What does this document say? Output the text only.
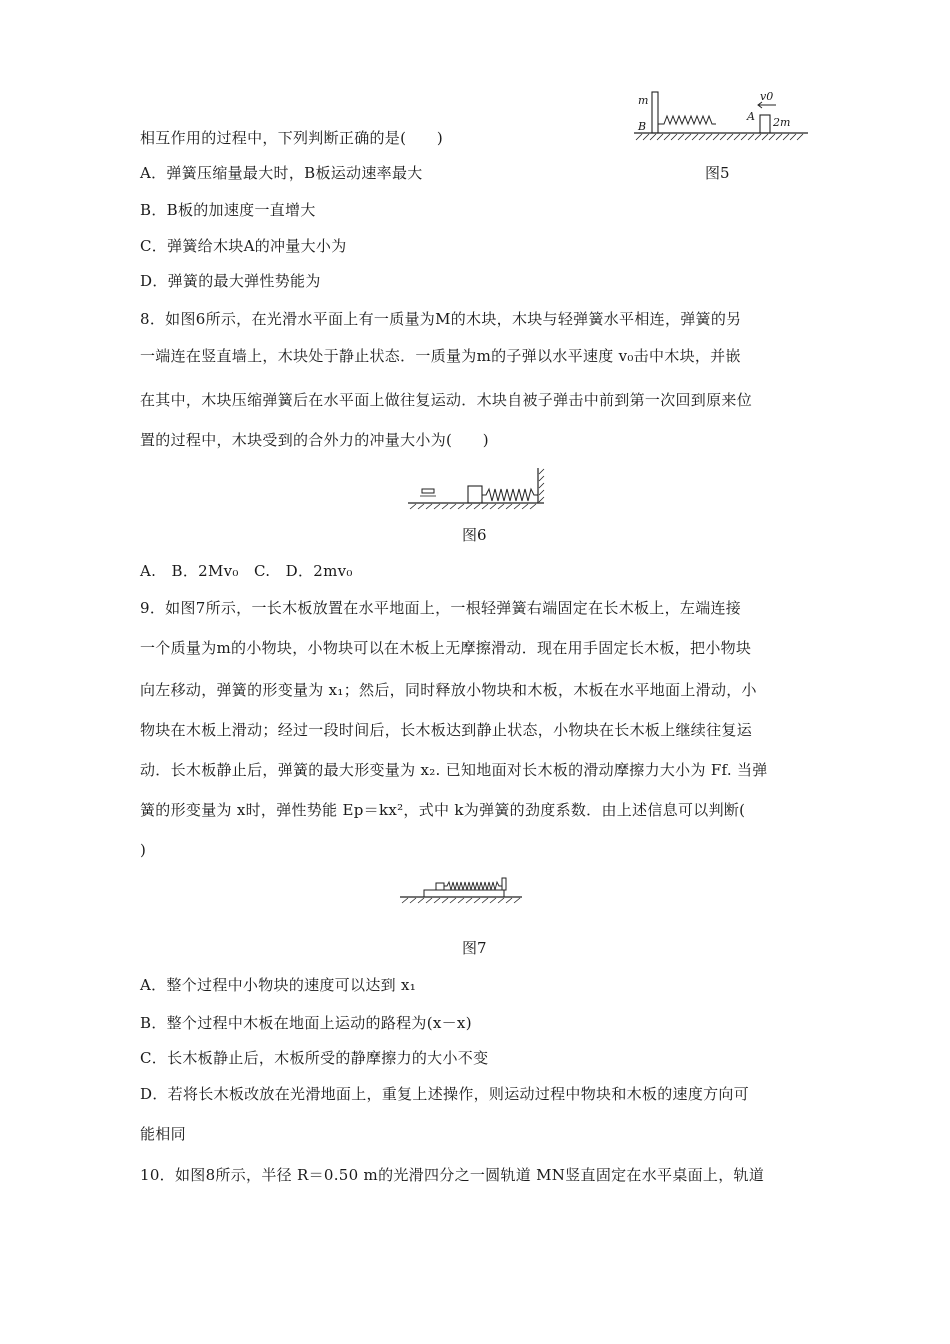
m
B
A 2m
v0
图5
相互作用的过程中，下列判断正确的是(　　)
A．弹簧压缩量最大时，B板运动速率最大
B．B板的加速度一直增大
C．弹簧给木块A的冲量大小为
D．弹簧的最大弹性势能为
8．如图6所示，在光滑水平面上有一质量为M的木块，木块与轻弹簧水平相连，弹簧的另
一端连在竖直墙上，木块处于静止状态．一质量为m的子弹以水平速度 v₀击中木块，并嵌
在其中，木块压缩弹簧后在水平面上做往复运动．木块自被子弹击中前到第一次回到原来位
置的过程中，木块受到的合外力的冲量大小为(　　)
图6
A.　B．2Mv₀　C.　D．2mv₀
9．如图7所示，一长木板放置在水平地面上，一根轻弹簧右端固定在长木板上，左端连接
一个质量为m的小物块，小物块可以在木板上无摩擦滑动．现在用手固定长木板，把小物块
向左移动，弹簧的形变量为 x₁；然后，同时释放小物块和木板，木板在水平地面上滑动，小
物块在木板上滑动；经过一段时间后，长木板达到静止状态，小物块在长木板上继续往复运
动．长木板静止后，弹簧的最大形变量为 x₂. 已知地面对长木板的滑动摩擦力大小为 Ff. 当弹
簧的形变量为 x时，弹性势能 Ep＝kx²，式中 k为弹簧的劲度系数．由上述信息可以判断(
)
图7
A．整个过程中小物块的速度可以达到 x₁
B．整个过程中木板在地面上运动的路程为(x－x)
C．长木板静止后，木板所受的静摩擦力的大小不变
D．若将长木板改放在光滑地面上，重复上述操作，则运动过程中物块和木板的速度方向可
能相同
10．如图8所示，半径 R＝0.50 m的光滑四分之一圆轨道 MN竖直固定在水平桌面上，轨道
